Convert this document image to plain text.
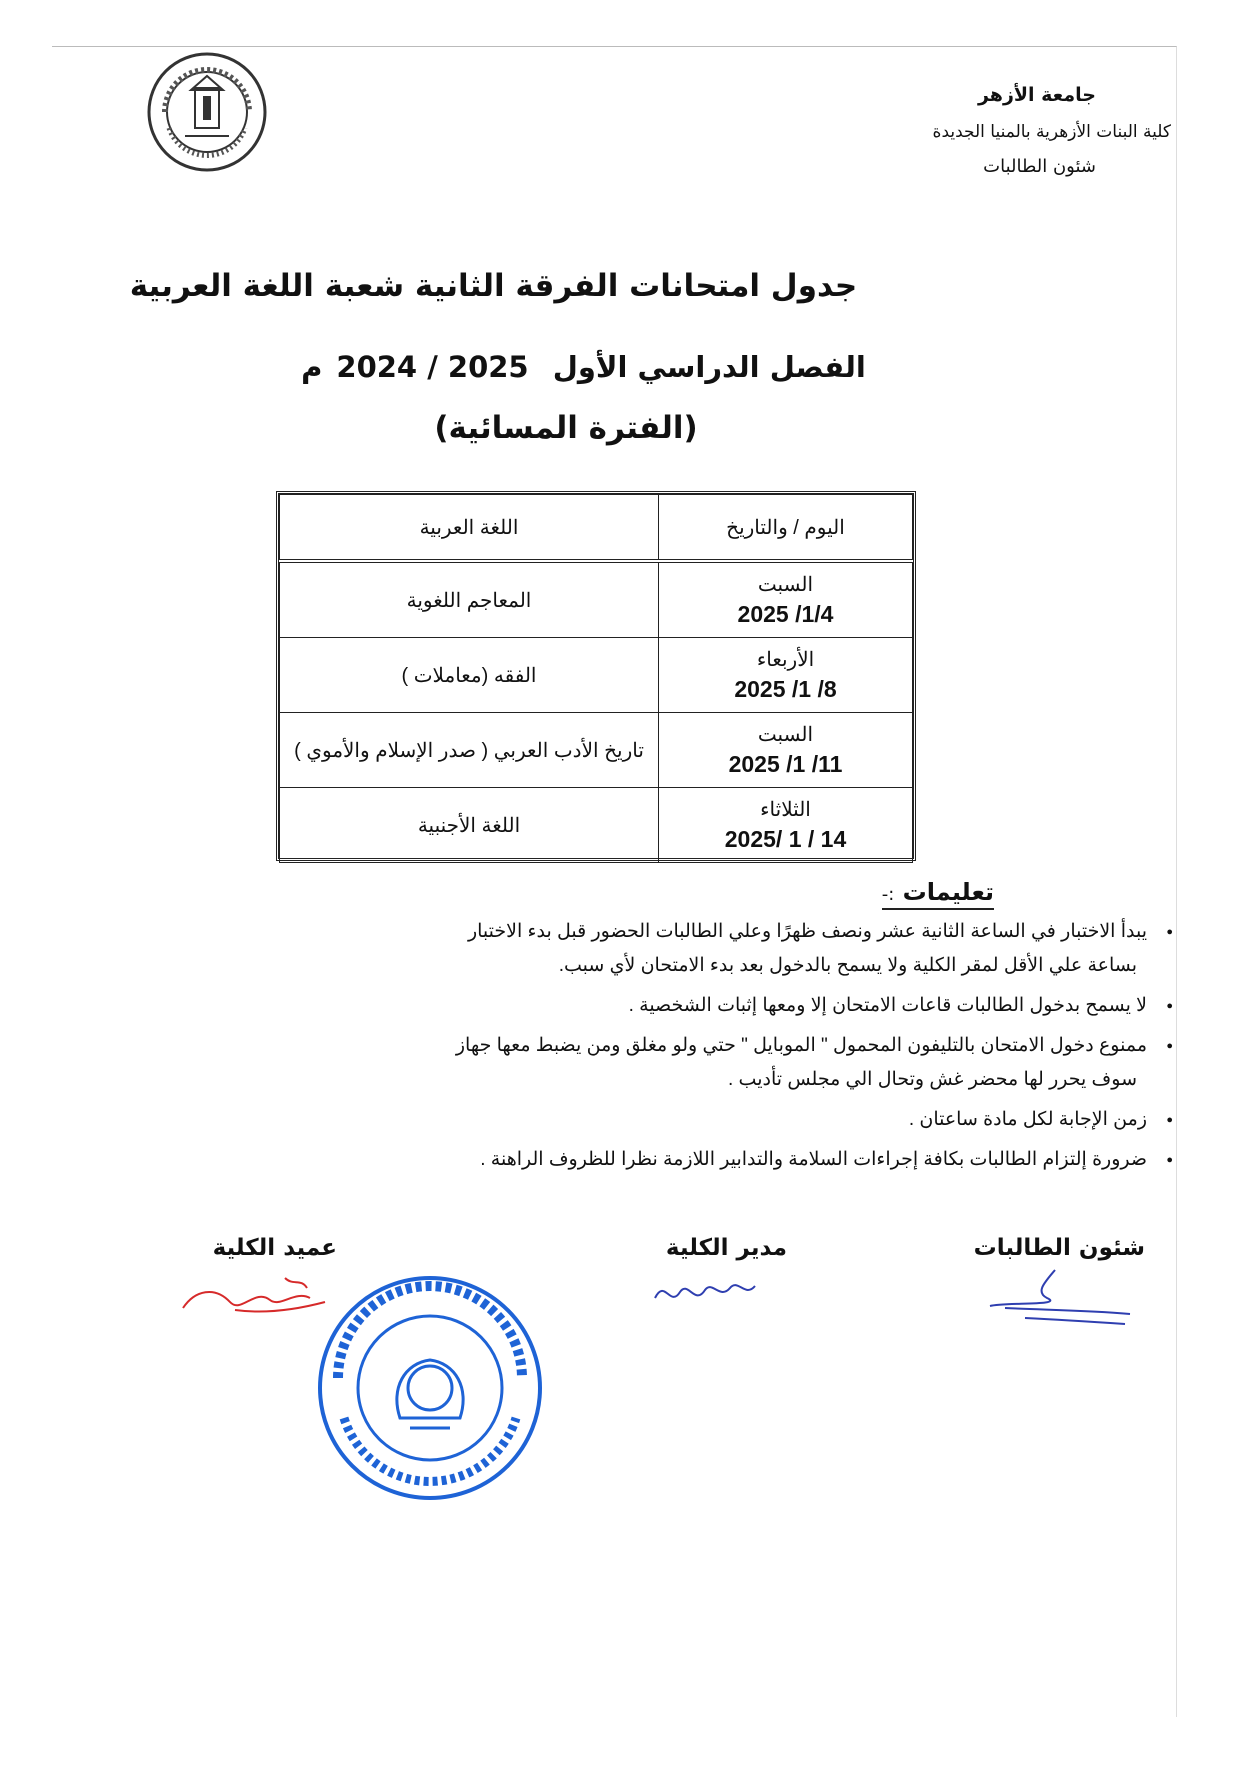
جامعة الأزهر
كلية البنات الأزهرية بالمنيا الجديدة
شئون الطالبات
جدول امتحانات الفرقة الثانية شعبة اللغة العربية
الفصل الدراسي الأول 2024 / 2025م
(الفترة المسائية)
اليوم / والتاريخ	اللغة العربية
السبت
2025 /1/4	المعاجم اللغوية
الأربعاء
2025 /1 /8	الفقه (معاملات )
السبت
2025 /1 /11	تاريخ الأدب العربي ( صدر الإسلام والأموي )
الثلاثاء
2025/ 1 / 14	اللغة الأجنبية
تعليمات :-
● يبدأ الاختبار في الساعة الثانية عشر ونصف ظهرًا وعلي الطالبات الحضور قبل بدء الاختبار
بساعة علي الأقل لمقر الكلية ولا يسمح بالدخول بعد بدء الامتحان لأي سبب.
● لا يسمح بدخول الطالبات قاعات الامتحان إلا ومعها إثبات الشخصية .
● ممنوع دخول الامتحان بالتليفون المحمول " الموبايل " حتي ولو مغلق ومن يضبط معها جهاز
سوف يحرر لها محضر غش وتحال الي مجلس تأديب .
● زمن الإجابة لكل مادة ساعتان .
● ضرورة إلتزام الطالبات بكافة إجراءات السلامة والتدابير اللازمة نظرا للظروف الراهنة .
شئون الطالبات
مدير الكلية
عميد الكلية
